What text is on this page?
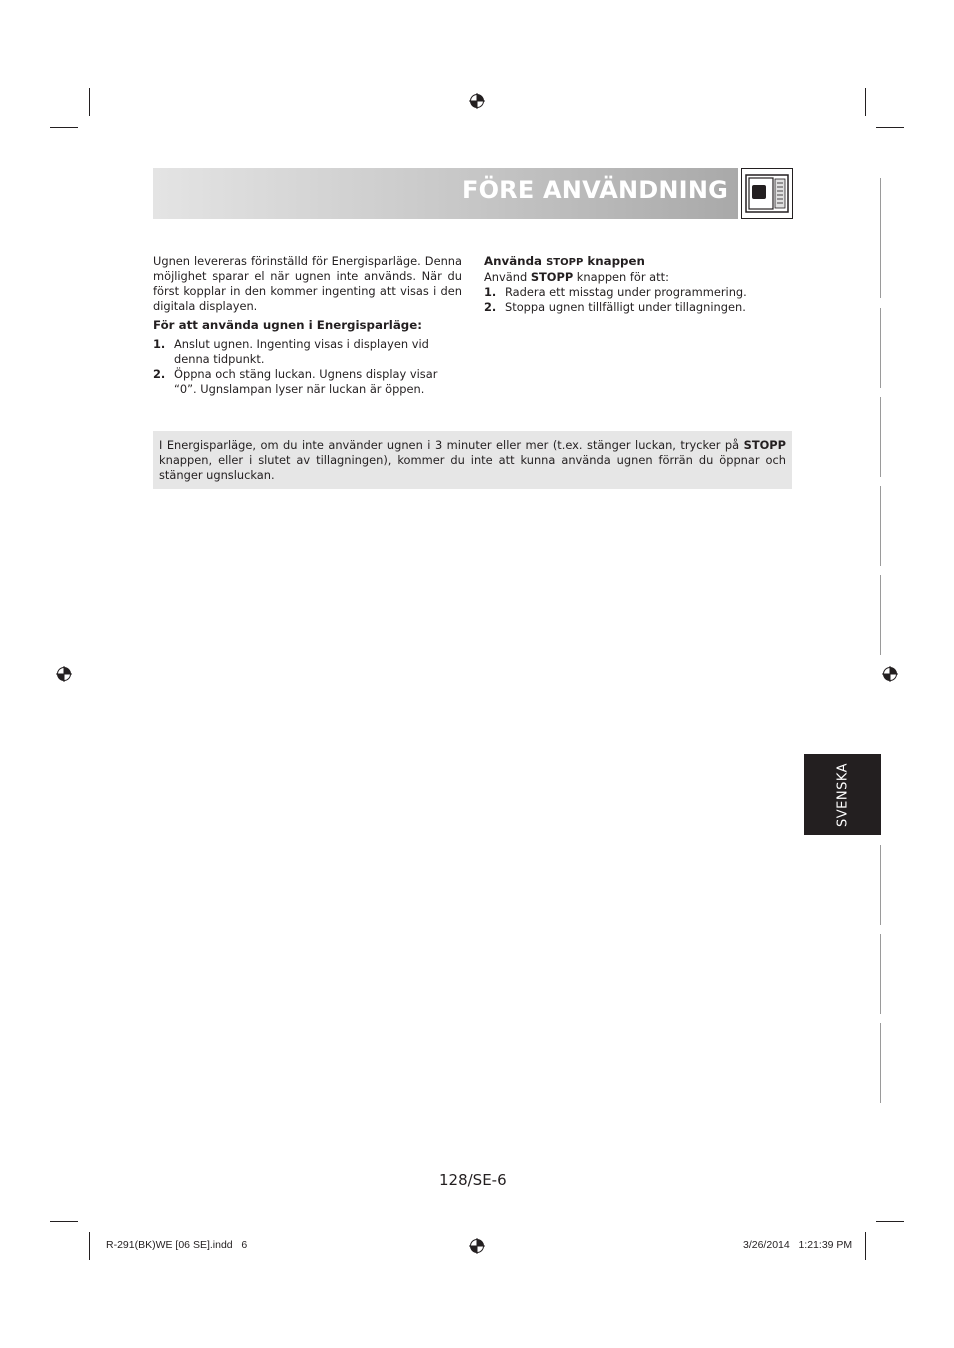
FÖRE ANVÄNDNING

Ugnen levereras förinställd för Energisparläge. Denna möjlighet sparar el när ugnen inte används. När du först kopplar in den kommer ingenting att visas i den digitala displayen.

För att använda ugnen i Energisparläge:

1. Anslut ugnen. Ingenting visas i displayen vid denna tidpunkt.
2. Öppna och stäng luckan. Ugnens display visar “0”. Ugnslampan lyser när luckan är öppen.

Använda STOPP knappen

Använd STOPP knappen för att:

1. Radera ett misstag under programmering.
2. Stoppa ugnen tillfälligt under tillagningen.
I Energisparläge, om du inte använder ugnen i 3 minuter eller mer (t.ex. stänger luckan, trycker på STOPP knappen, eller i slutet av tillagningen), kommer du inte att kunna använda ugnen förrän du öppnar och stänger ugnsluckan.
SVENSKA
128/SE-6
R-291(BK)WE [06 SE].indd   6	3/26/2014   1:21:39 PM
